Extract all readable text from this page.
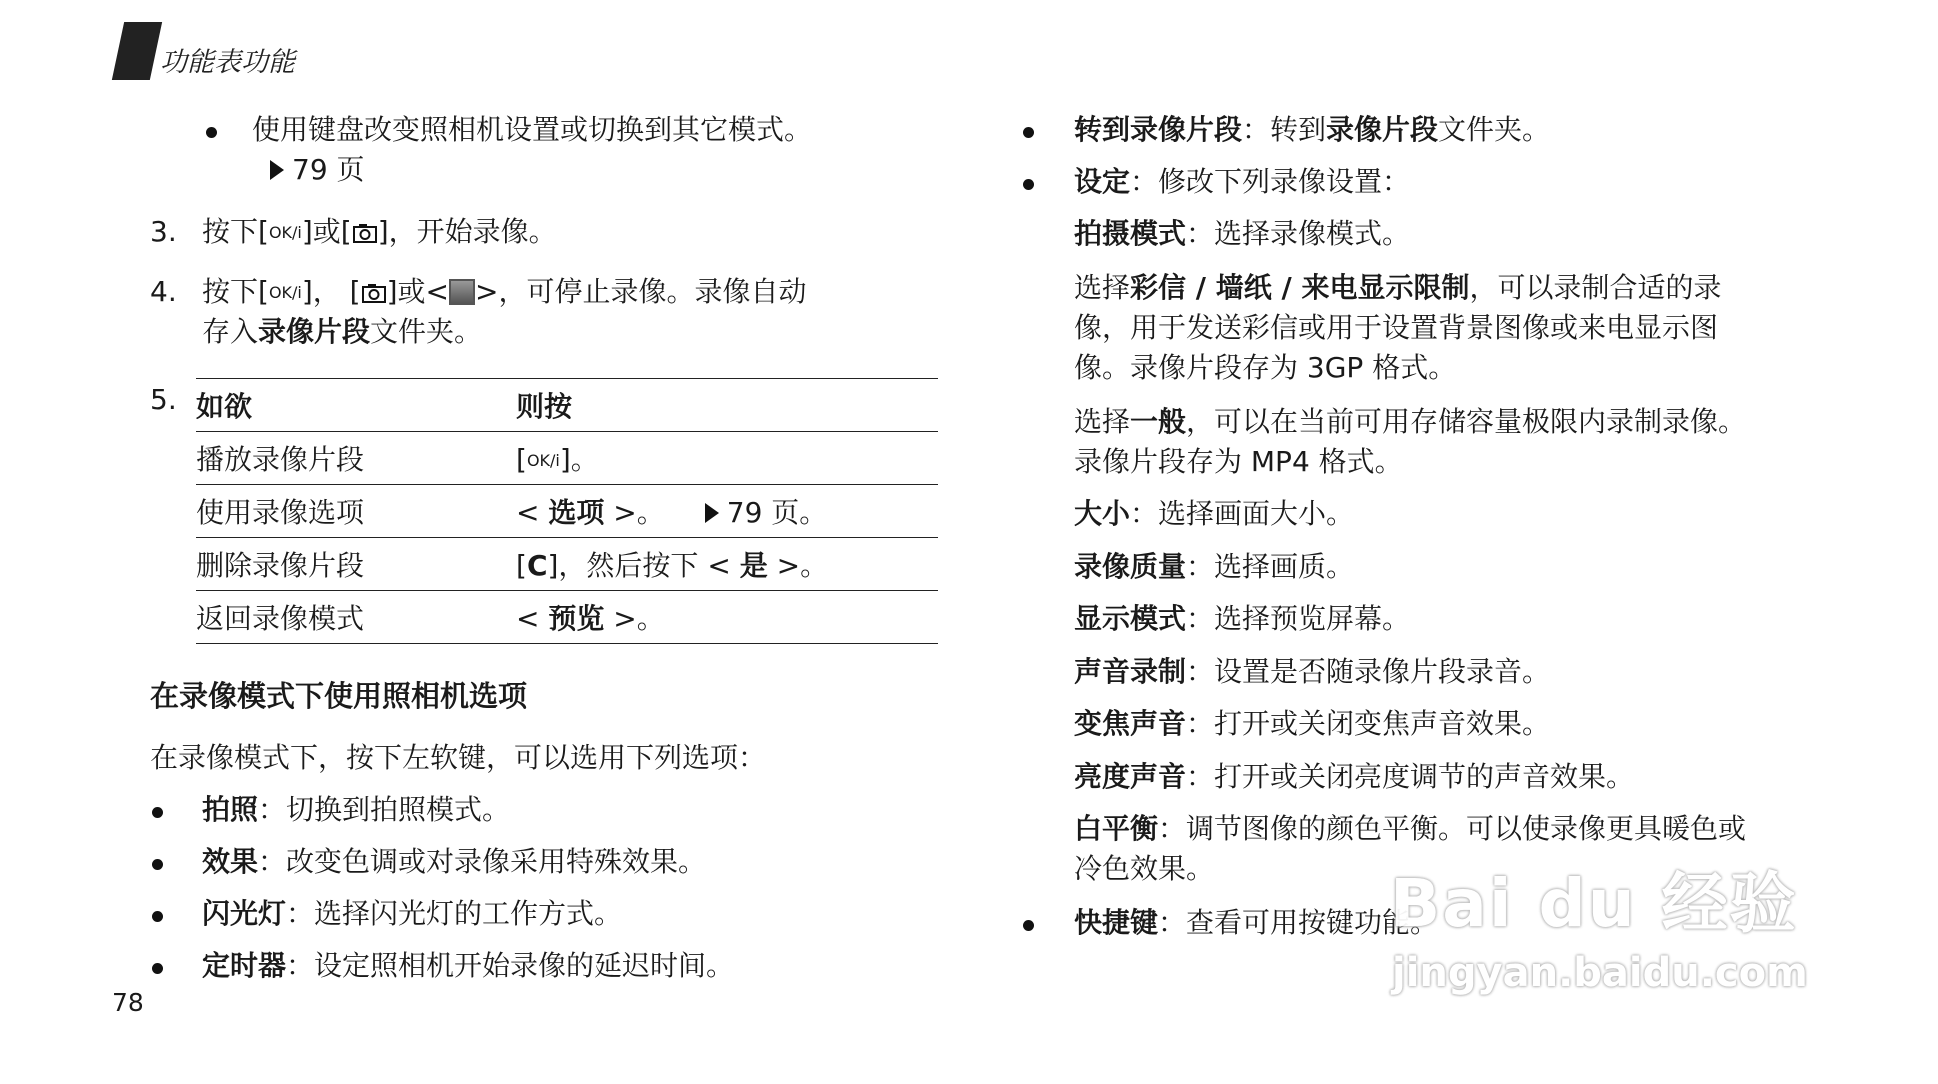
功能表功能
使用键盘改变照相机设置或切换到其它模式。
79 页
3. 按下[OK/i]或[ ]，开始录像。
4. 按下[OK/i]， [ ]或< >，可停止录像。录像自动
存入录像片段文件夹。
5. 如欲	则按
播放录像片段	[OK/i]。
使用录像选项	< 选项 >。 79 页。
删除录像片段	[C]，然后按下 < 是 >。
返回录像模式	< 预览 >。
在录像模式下使用照相机选项
在录像模式下，按下左软键，可以选用下列选项：
拍照：切换到拍照模式。
效果：改变色调或对录像采用特殊效果。
闪光灯：选择闪光灯的工作方式。
定时器：设定照相机开始录像的延迟时间。
78
转到录像片段：转到录像片段文件夹。
设定：修改下列录像设置：
拍摄模式：选择录像模式。
选择彩信 / 墙纸 / 来电显示限制，可以录制合适的录
像，用于发送彩信或用于设置背景图像或来电显示图
像。录像片段存为 3GP 格式。
选择一般，可以在当前可用存储容量极限内录制录像。
录像片段存为 MP4 格式。
大小：选择画面大小。
录像质量：选择画质。
显示模式：选择预览屏幕。
声音录制：设置是否随录像片段录音。
变焦声音：打开或关闭变焦声音效果。
亮度声音：打开或关闭亮度调节的声音效果。
白平衡：调节图像的颜色平衡。可以使录像更具暖色或
冷色效果。
快捷键：查看可用按键功能。
Bai du 经验
jingyan.baidu.com
